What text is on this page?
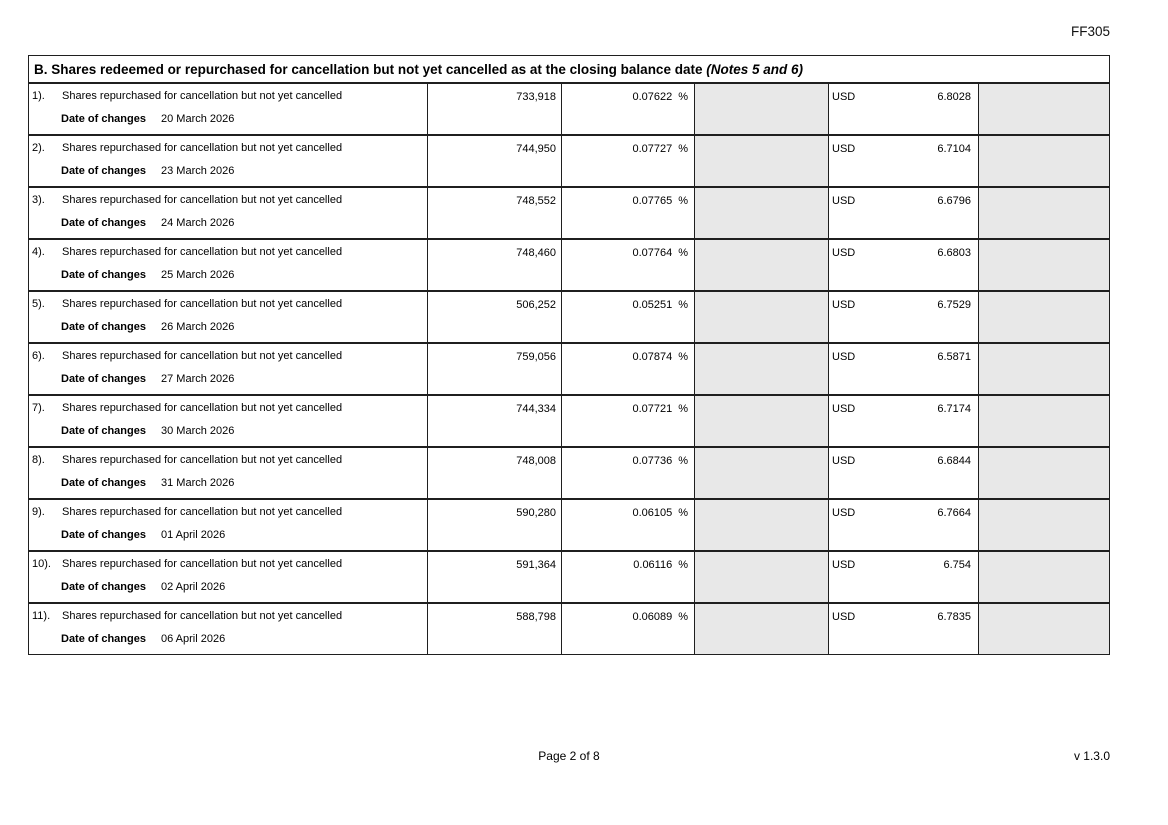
FF305
B. Shares redeemed or repurchased for cancellation but not yet cancelled as at the closing balance date (Notes 5 and 6)
1).	Shares repurchased for cancellation but not yet cancelled
Date of changes	20 March 2026
733,918	0.07622 %	USD	6.8028
2).	Shares repurchased for cancellation but not yet cancelled
Date of changes	23 March 2026
744,950	0.07727 %	USD	6.7104
3).	Shares repurchased for cancellation but not yet cancelled
Date of changes	24 March 2026
748,552	0.07765 %	USD	6.6796
4).	Shares repurchased for cancellation but not yet cancelled
Date of changes	25 March 2026
748,460	0.07764 %	USD	6.6803
5).	Shares repurchased for cancellation but not yet cancelled
Date of changes	26 March 2026
506,252	0.05251 %	USD	6.7529
6).	Shares repurchased for cancellation but not yet cancelled
Date of changes	27 March 2026
759,056	0.07874 %	USD	6.5871
7).	Shares repurchased for cancellation but not yet cancelled
Date of changes	30 March 2026
744,334	0.07721 %	USD	6.7174
8).	Shares repurchased for cancellation but not yet cancelled
Date of changes	31 March 2026
748,008	0.07736 %	USD	6.6844
9).	Shares repurchased for cancellation but not yet cancelled
Date of changes	01 April 2026
590,280	0.06105 %	USD	6.7664
10).	Shares repurchased for cancellation but not yet cancelled
Date of changes	02 April 2026
591,364	0.06116 %	USD	6.754
11).	Shares repurchased for cancellation but not yet cancelled
Date of changes	06 April 2026
588,798	0.06089 %	USD	6.7835
Page 2 of 8	v 1.3.0
